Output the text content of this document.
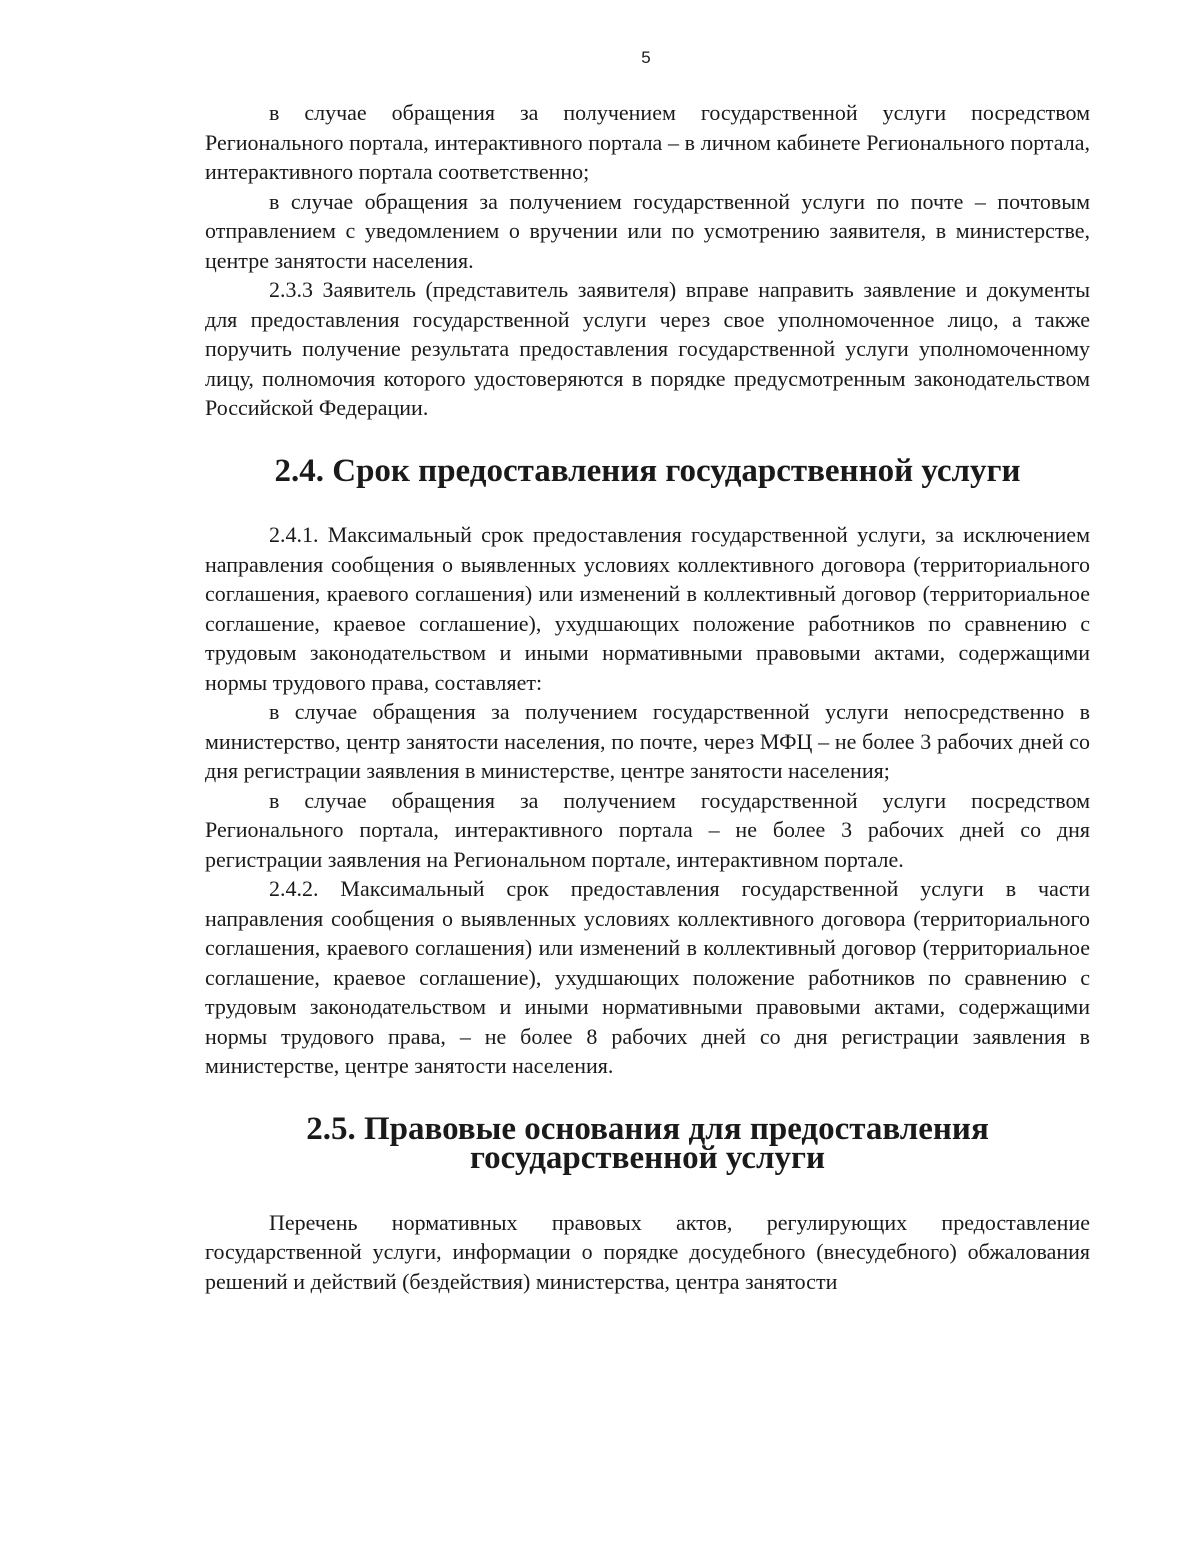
5

в случае обращения за получением государственной услуги посредством Регионального портала, интерактивного портала – в личном кабинете Регионального портала, интерактивного портала соответственно;

в случае обращения за получением государственной услуги по почте – почтовым отправлением с уведомлением о вручении или по усмотрению заявителя, в министерстве, центре занятости населения.

2.3.3 Заявитель (представитель заявителя) вправе направить заявление и документы для предоставления государственной услуги через свое уполномоченное лицо, а также поручить получение результата предоставления государственной услуги уполномоченному лицу, полномочия которого удостоверяются в порядке предусмотренным законодательством Российской Федерации.

2.4. Срок предоставления государственной услуги

2.4.1. Максимальный срок предоставления государственной услуги, за исключением направления сообщения о выявленных условиях коллективного договора (территориального соглашения, краевого соглашения) или изменений в коллективный договор (территориальное соглашение, краевое соглашение), ухудшающих положение работников по сравнению с трудовым законодательством и иными нормативными правовыми актами, содержащими нормы трудового права, составляет:

в случае обращения за получением государственной услуги непосредственно в министерство, центр занятости населения, по почте, через МФЦ – не более 3 рабочих дней со дня регистрации заявления в министерстве, центре занятости населения;

в случае обращения за получением государственной услуги посредством Регионального портала, интерактивного портала – не более 3 рабочих дней со дня регистрации заявления на Региональном портале, интерактивном портале.

2.4.2. Максимальный срок предоставления государственной услуги в части направления сообщения о выявленных условиях коллективного договора (территориального соглашения, краевого соглашения) или изменений в коллективный договор (территориальное соглашение, краевое соглашение), ухудшающих положение работников по сравнению с трудовым законодательством и иными нормативными правовыми актами, содержащими нормы трудового права, – не более 8 рабочих дней со дня регистрации заявления в министерстве, центре занятости населения.

2.5. Правовые основания для предоставления
государственной услуги

Перечень нормативных правовых актов, регулирующих предоставление государственной услуги, информации о порядке досудебного (внесудебного) обжалования решений и действий (бездействия) министерства, центра занятости
